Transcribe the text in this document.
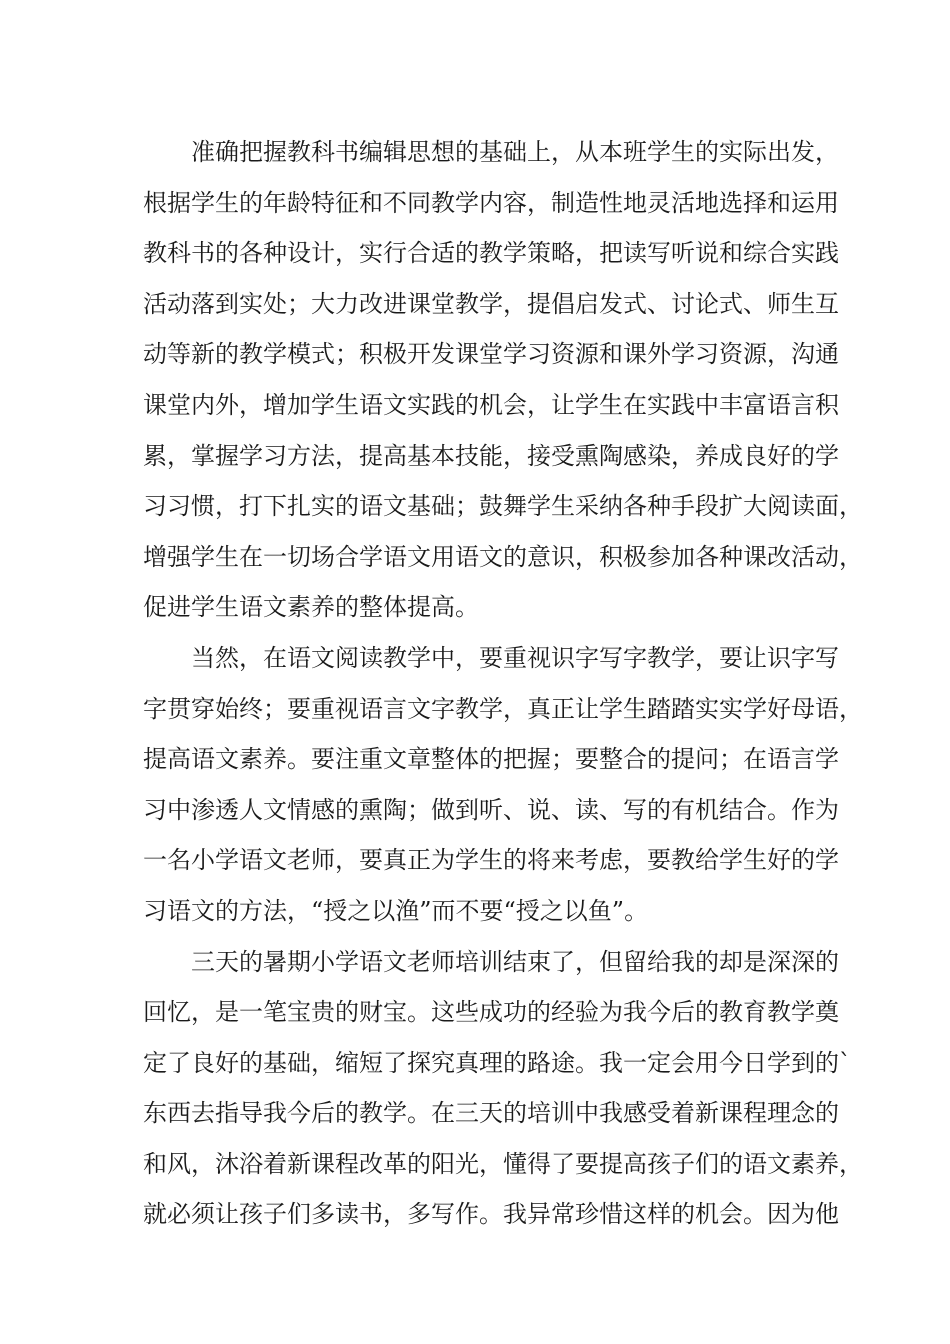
准确把握教科书编辑思想的基础上，从本班学生的实际出发，
根据学生的年龄特征和不同教学内容，制造性地灵活地选择和运用
教科书的各种设计，实行合适的教学策略，把读写听说和综合实践
活动落到实处；大力改进课堂教学，提倡启发式、讨论式、师生互
动等新的教学模式；积极开发课堂学习资源和课外学习资源，沟通
课堂内外，增加学生语文实践的机会，让学生在实践中丰富语言积
累，掌握学习方法，提高基本技能，接受熏陶感染，养成良好的学
习习惯，打下扎实的语文基础；鼓舞学生采纳各种手段扩大阅读面，
增强学生在一切场合学语文用语文的意识，积极参加各种课改活动，
促进学生语文素养的整体提高。
当然，在语文阅读教学中，要重视识字写字教学，要让识字写
字贯穿始终；要重视语言文字教学，真正让学生踏踏实实学好母语，
提高语文素养。要注重文章整体的把握；要整合的提问；在语言学
习中渗透人文情感的熏陶；做到听、说、读、写的有机结合。作为
一名小学语文老师，要真正为学生的将来考虑，要教给学生好的学
习语文的方法，“授之以渔”而不要“授之以鱼”。
三天的暑期小学语文老师培训结束了，但留给我的却是深深的
回忆，是一笔宝贵的财宝。这些成功的经验为我今后的教育教学奠
定了良好的基础，缩短了探究真理的路途。我一定会用今日学到的`
东西去指导我今后的教学。在三天的培训中我感受着新课程理念的
和风，沐浴着新课程改革的阳光，懂得了要提高孩子们的语文素养，
就必须让孩子们多读书，多写作。我异常珍惜这样的机会。因为他
